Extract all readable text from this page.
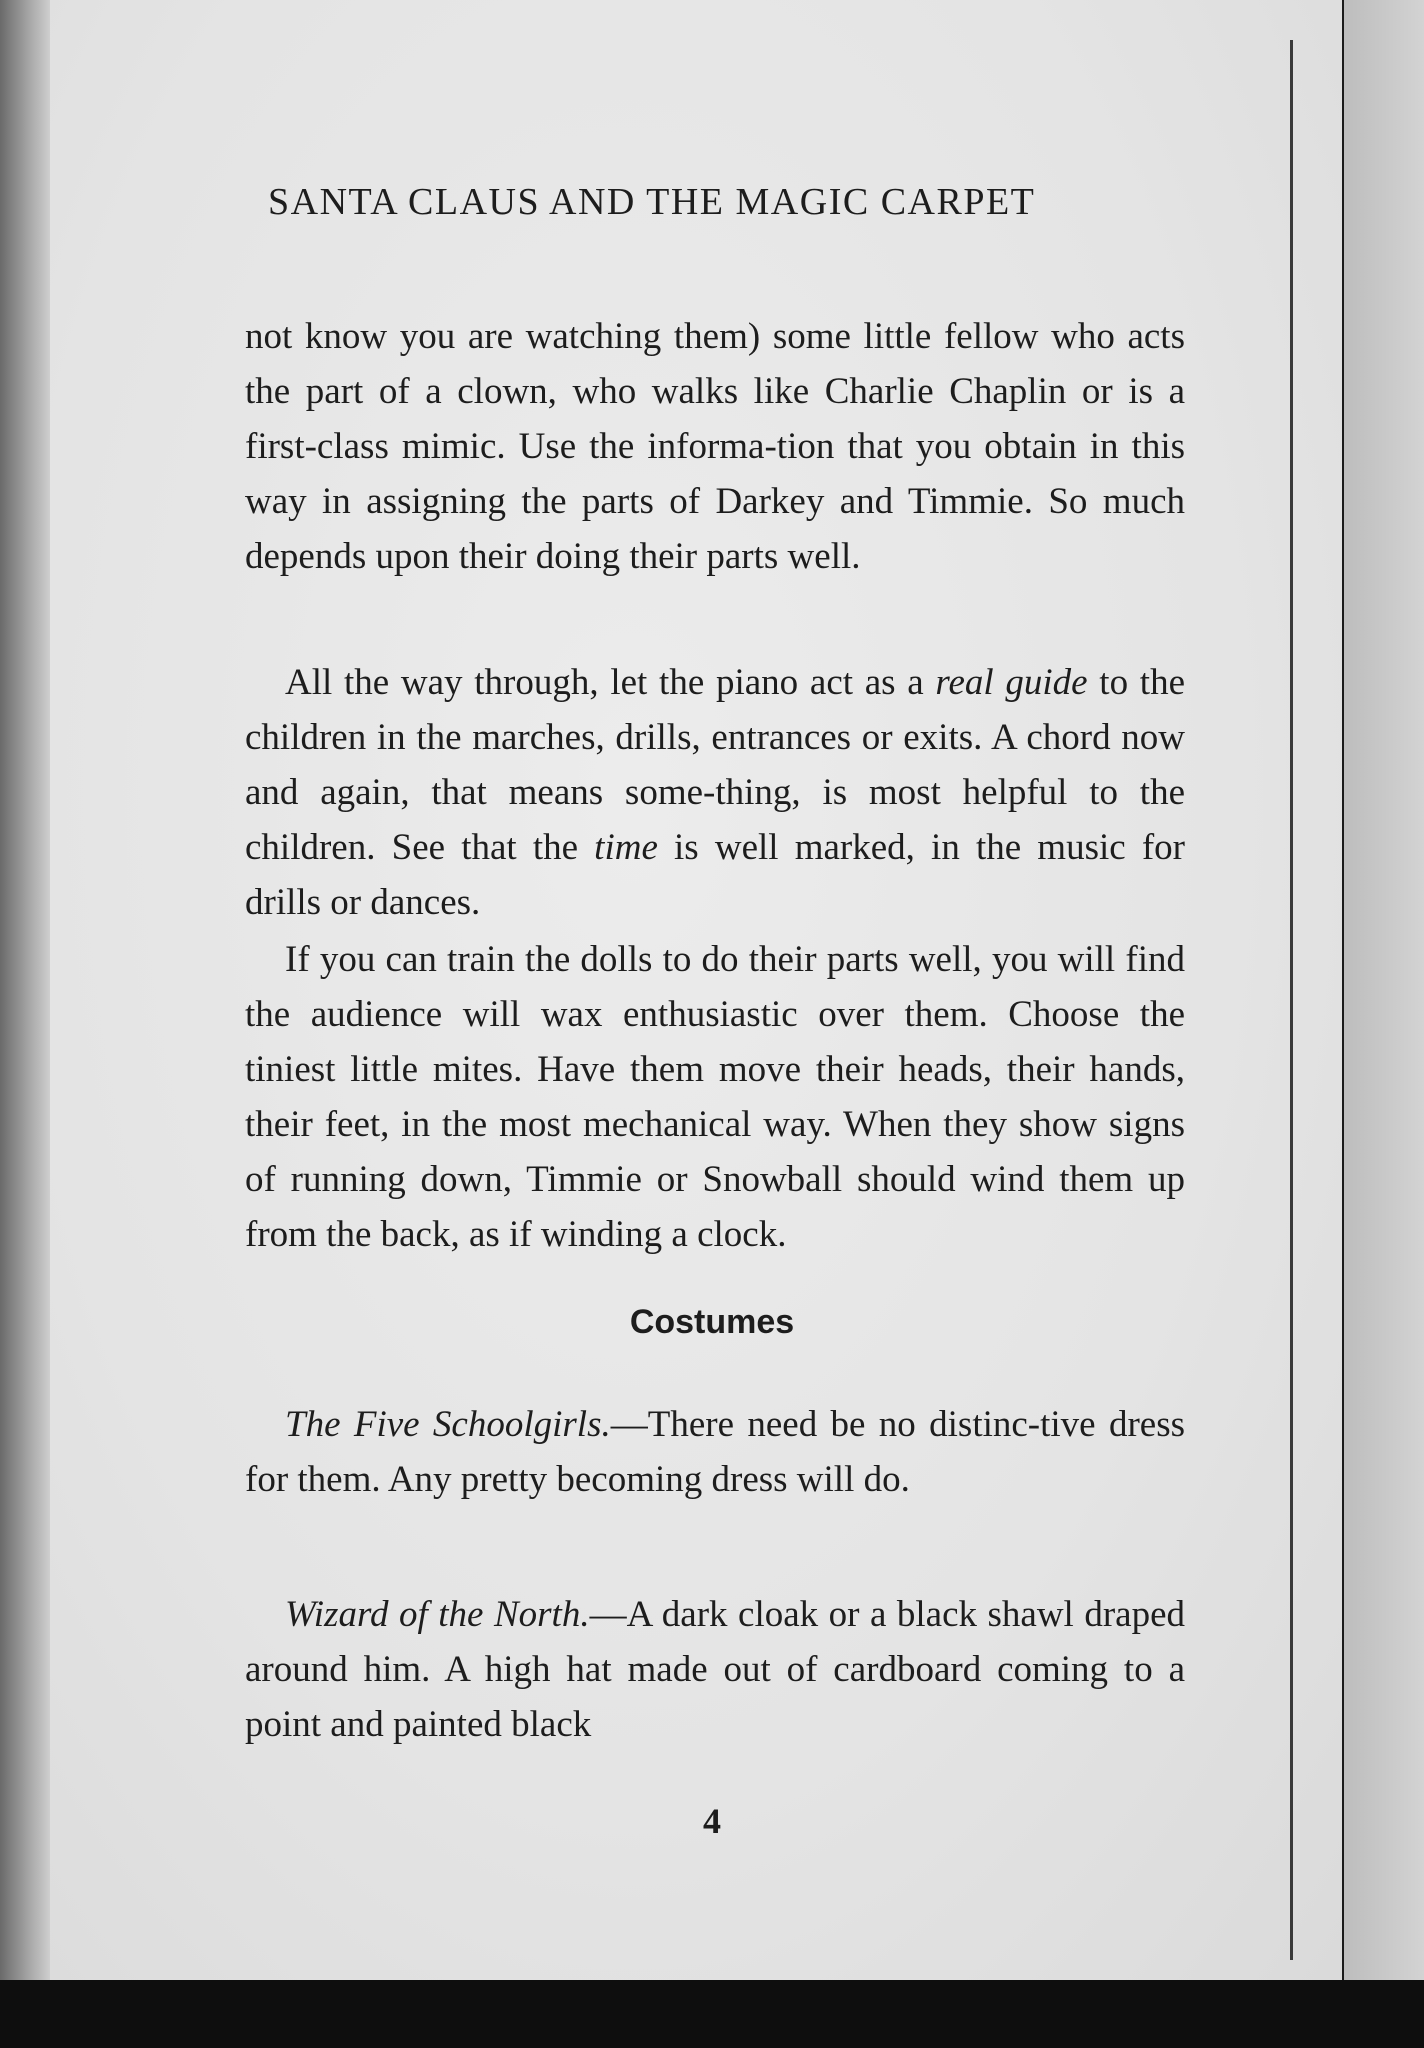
SANTA CLAUS AND THE MAGIC CARPET

not know you are watching them) some little fellow who acts the part of a clown, who walks like Charlie Chaplin or is a first-class mimic. Use the informa-tion that you obtain in this way in assigning the parts of Darkey and Timmie. So much depends upon their doing their parts well.

All the way through, let the piano act as a real guide to the children in the marches, drills, entrances or exits. A chord now and again, that means some-thing, is most helpful to the children. See that the time is well marked, in the music for drills or dances.

If you can train the dolls to do their parts well, you will find the audience will wax enthusiastic over them. Choose the tiniest little mites. Have them move their heads, their hands, their feet, in the most mechanical way. When they show signs of running down, Timmie or Snowball should wind them up from the back, as if winding a clock.

Costumes

The Five Schoolgirls.—There need be no distinc-tive dress for them. Any pretty becoming dress will do.

Wizard of the North.—A dark cloak or a black shawl draped around him. A high hat made out of cardboard coming to a point and painted black

4
